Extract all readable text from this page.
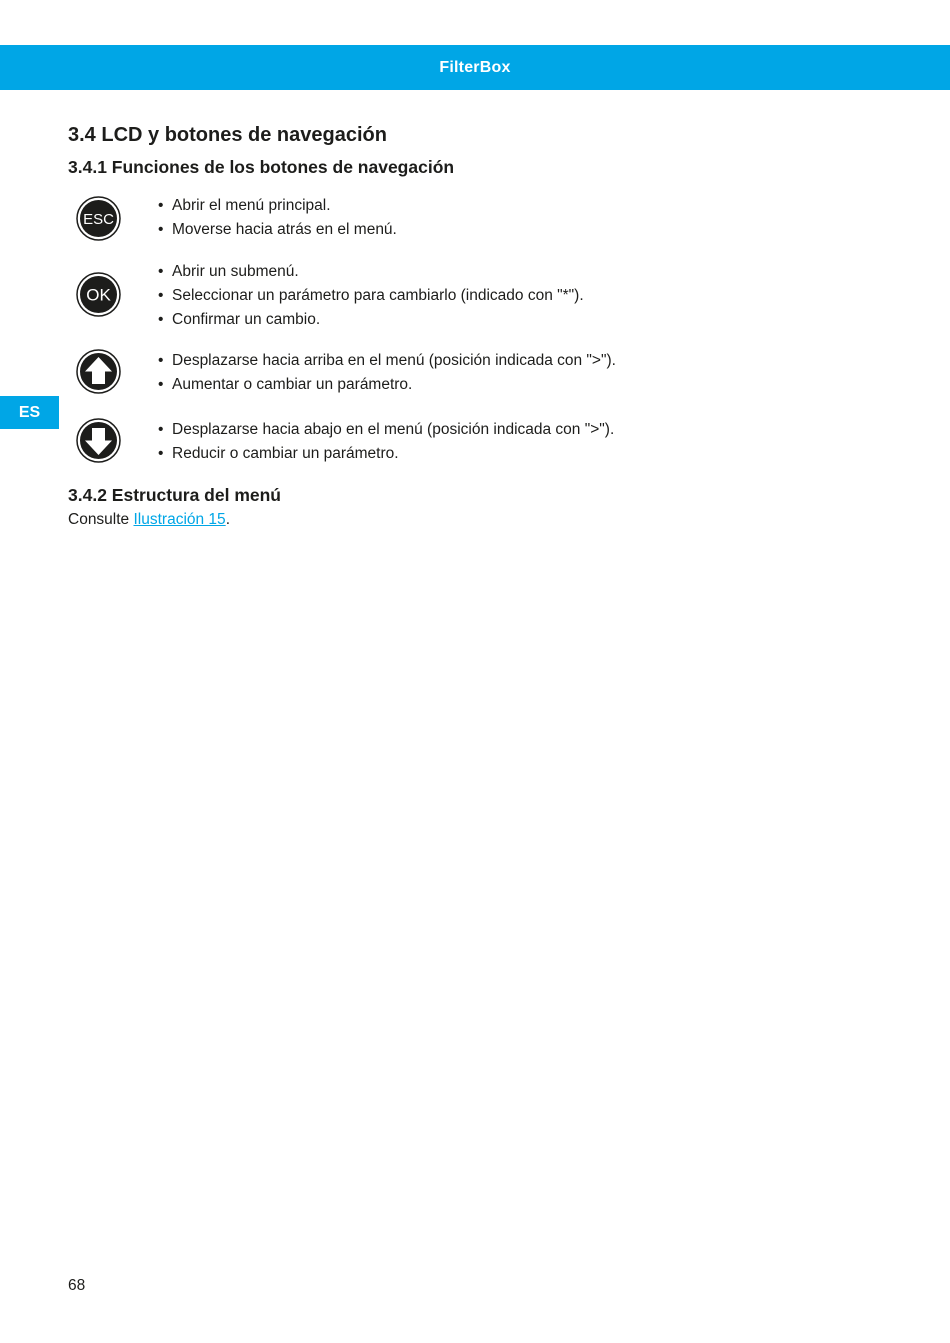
FilterBox
ES
3.4 LCD y botones de navegación
3.4.1 Funciones de los botones de navegación
ESC
• Abrir el menú principal.
• Moverse hacia atrás en el menú.
OK
• Abrir un submenú.
• Seleccionar un parámetro para cambiarlo (indicado con "*").
• Confirmar un cambio.
• Desplazarse hacia arriba en el menú (posición indicada con ">").
• Aumentar o cambiar un parámetro.
• Desplazarse hacia abajo en el menú (posición indicada con ">").
• Reducir o cambiar un parámetro.
3.4.2 Estructura del menú

Consulte Ilustración 15.

68
